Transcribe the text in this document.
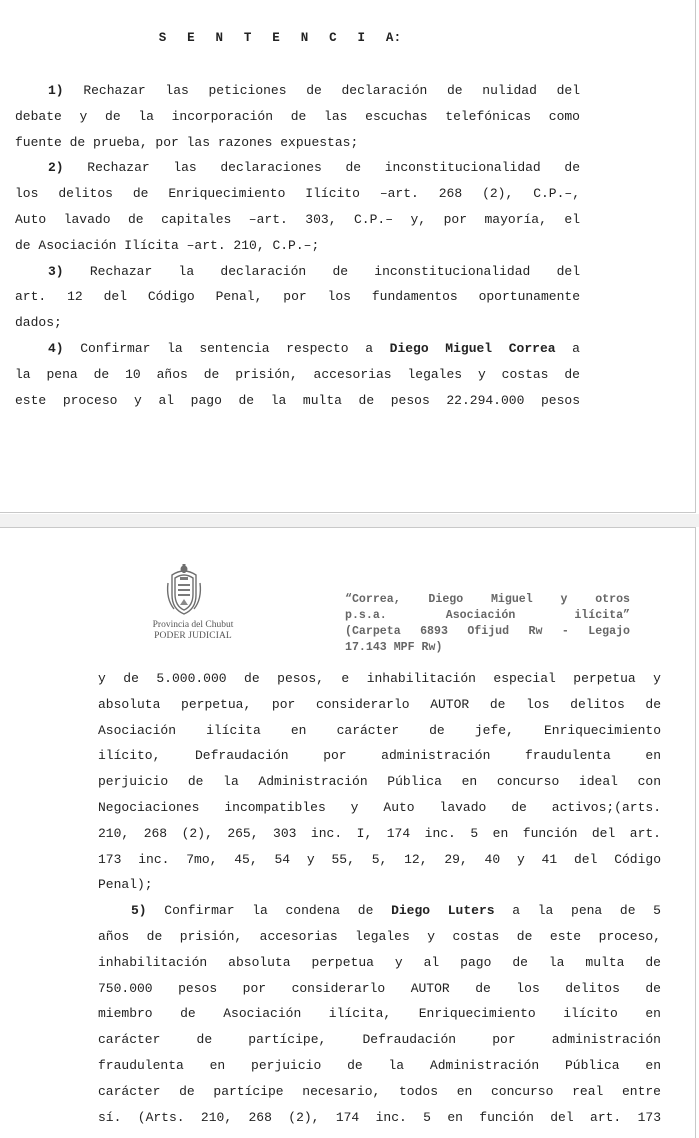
S E N T E N C I A:

1) Rechazar las peticiones de declaración de nulidad del

debate y de la incorporación de las escuchas telefónicas como

fuente de prueba, por las razones expuestas;

2) Rechazar las declaraciones de inconstitucionalidad de

los delitos de Enriquecimiento Ilícito –art. 268 (2), C.P.–,

Auto lavado de capitales –art. 303, C.P.– y, por mayoría, el

de Asociación Ilícita –art. 210, C.P.–;

3) Rechazar la declaración de inconstitucionalidad del

art. 12 del Código Penal, por los fundamentos oportunamente

dados;

4) Confirmar la sentencia respecto a Diego Miguel Correa a

la pena de 10 años de prisión, accesorias legales y costas de

este proceso y al pago de la multa de pesos 22.294.000 pesos

Provincia del Chubut
PODER JUDICIAL

“Correa, Diego Miguel y otros

p.s.a. Asociación ilícita”

(Carpeta 6893 Ofijud Rw - Legajo

17.143 MPF Rw)

y de 5.000.000 de pesos, e inhabilitación especial perpetua y

absoluta perpetua, por considerarlo AUTOR de los delitos de

Asociación ilícita en carácter de jefe, Enriquecimiento

ilícito, Defraudación por administración fraudulenta en

perjuicio de la Administración Pública en concurso ideal con

Negociaciones incompatibles y Auto lavado de activos;(arts.

210, 268 (2), 265, 303 inc. I, 174 inc. 5 en función del art.

173 inc. 7mo, 45, 54 y 55, 5, 12, 29, 40 y 41 del Código

Penal);

5) Confirmar la condena de Diego Luters a la pena de 5

años de prisión, accesorias legales y costas de este proceso,

inhabilitación absoluta perpetua y al pago de la multa de

750.000 pesos por considerarlo AUTOR de los delitos de

miembro de Asociación ilícita, Enriquecimiento ilícito en

carácter de partícipe, Defraudación por administración

fraudulenta en perjuicio de la Administración Pública en

carácter de partícipe necesario, todos en concurso real entre

sí. (Arts. 210, 268 (2), 174 inc. 5 en función del art. 173
